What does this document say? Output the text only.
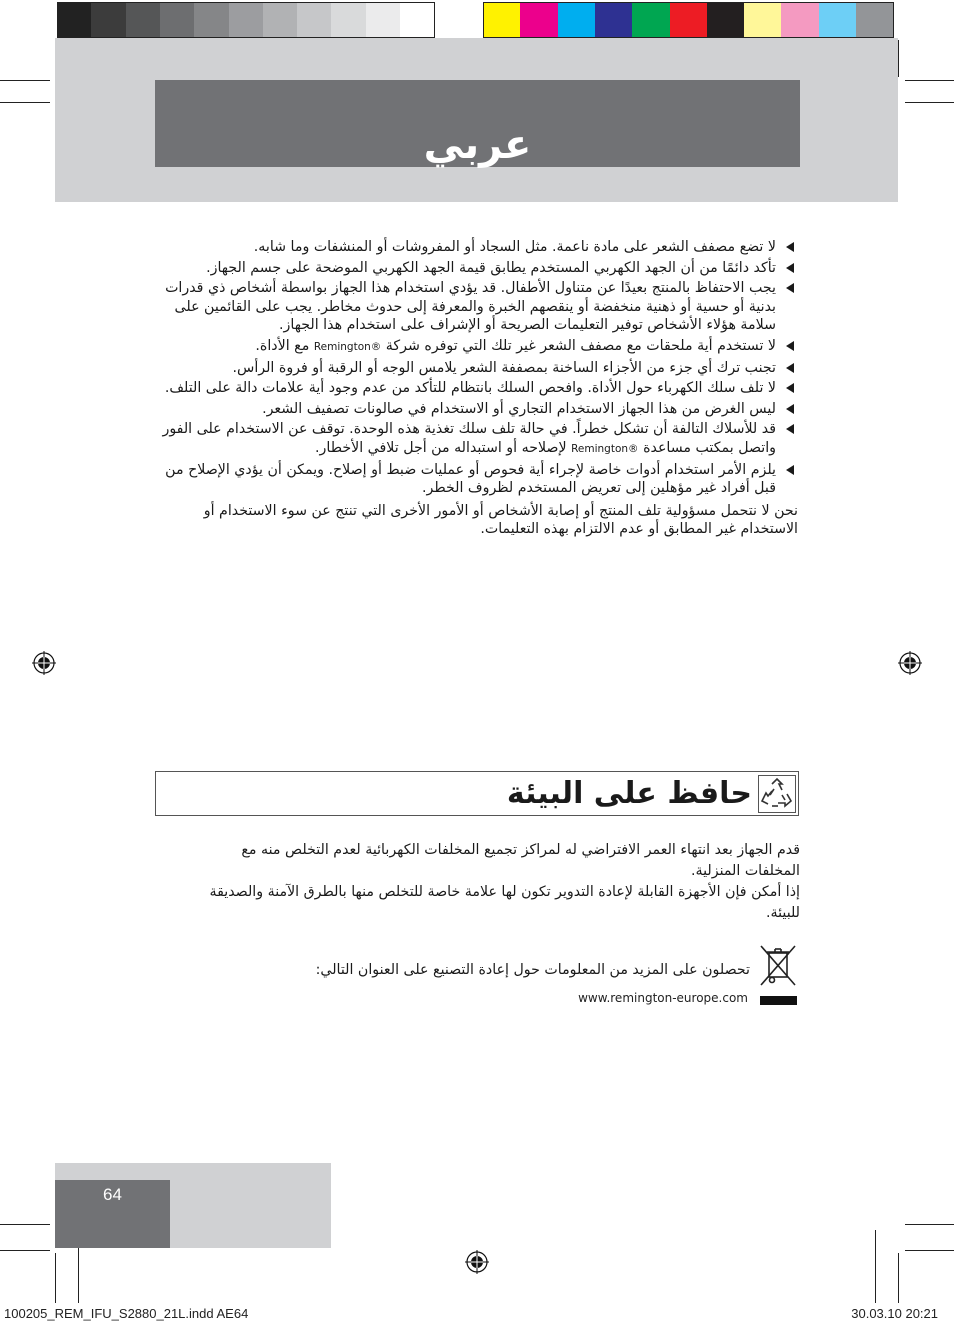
عربي
لا تضع مصفف الشعر على مادة ناعمة. مثل السجاد أو المفروشات أو المنشفات وما شابه.
تأكد دائمًا من أن الجهد الكهربي المستخدم يطابق قيمة الجهد الكهربي الموضحة على جسم الجهاز.
يجب الاحتفاظ بالمنتج بعيدًا عن متناول الأطفال. قد يؤدي استخدام هذا الجهاز بواسطة أشخاص ذي قدرات بدنية أو حسية أو ذهنية منخفضة أو ينقصهم الخبرة والمعرفة إلى حدوث مخاطر. يجب على القائمين على سلامة هؤلاء الأشخاص توفير التعليمات الصريحة أو الإشراف على استخدام هذا الجهاز.
لا تستخدم أية ملحقات مع مصفف الشعر غير تلك التي توفره شركة Remington® مع الأداة.
تجنب ترك أي جزء من الأجزاء الساخنة بمصففة الشعر يلامس الوجه أو الرقبة أو فروة الرأس.
لا تلف سلك الكهرباء حول الأداة. وافحص السلك بانتظام للتأكد من عدم وجود أية علامات دالة على التلف.
ليس الغرض من هذا الجهاز الاستخدام التجاري أو الاستخدام في صالونات تصفيف الشعر.
قد للأسلاك التالفة أن تشكل خطراً. في حالة تلف سلك تغذية هذه الوحدة. توقف عن الاستخدام على الفور واتصل بمكتب مساعدة Remington® لإصلاحه أو استبداله من أجل تلافي الأخطار.
يلزم الأمر استخدام أدوات خاصة لإجراء أية فحوص أو عمليات ضبط أو إصلاح. ويمكن أن يؤدي الإصلاح من قبل أفراد غير مؤهلين إلى تعريض المستخدم لظروف الخطر.
نحن لا نتحمل مسؤولية تلف المنتج أو إصابة الأشخاص أو الأمور الأخرى التي تنتج عن سوء الاستخدام أو الاستخدام غير المطابق أو عدم الالتزام بهذه التعليمات.
حافظ على البيئة
قدم الجهاز بعد انتهاء العمر الافتراضي له لمراكز تجميع المخلفات الكهربائية لعدم التخلص منه مع المخلفات المنزلية.
إذا أمكن فإن الأجهزة القابلة لإعادة التدوير تكون لها علامة خاصة للتخلص منها بالطرق الآمنة والصديقة للبيئة.
تحصلون على المزيد من المعلومات حول إعادة التصنيع على العنوان التالي:
www.remington-europe.com
64
100205_REM_IFU_S2880_21L.indd AE64	30.03.10 20:21
